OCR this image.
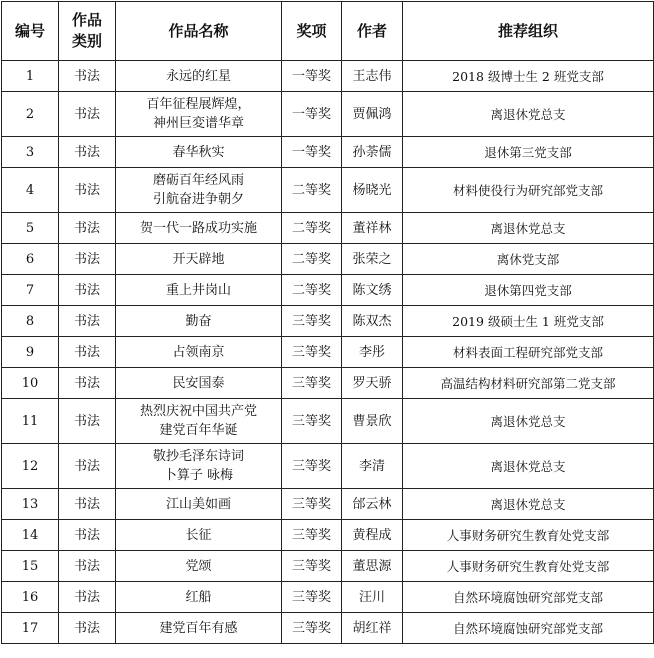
编号	作品
类别	作品名称	奖项	作者	推荐组织
1	书法	永远的红星	一等奖	王志伟	2018 级博士生 2 班党支部
2	书法	百年征程展辉煌，
神州巨変谱华章	一等奖	贾佩鸿	离退休党总支
3	书法	春华秋实	一等奖	孙荼儒	退休第三党支部
4	书法	磨砺百年经风雨
引航奋进争朝夕	二等奖	杨晓光	材料使役行为研究部党支部
5	书法	贺一代一路成功实施	二等奖	董祥林	离退休党总支
6	书法	开天辟地	二等奖	张荣之	离休党支部
7	书法	重上井岗山	二等奖	陈文绣	退休第四党支部
8	书法	勤奋	三等奖	陈双杰	2019 级硕士生 1 班党支部
9	书法	占领南京	三等奖	李彤	材料表面工程研究部党支部
10	书法	民安国泰	三等奖	罗天骄	高温结构材料研究部第二党支部
11	书法	热烈庆祝中国共产党
建党百年华诞	三等奖	曹景欣	离退休党总支
12	书法	敬抄毛泽东诗词
卜算子 咏梅	三等奖	李清	离退休党总支
13	书法	江山美如画	三等奖	邰云林	离退休党总支
14	书法	长征	三等奖	黄程成	人事财务研究生教育处党支部
15	书法	党颂	三等奖	董思源	人事财务研究生教育处党支部
16	书法	红船	三等奖	汪川	自然环境腐蚀研究部党支部
17	书法	建党百年有感	三等奖	胡红祥	自然环境腐蚀研究部党支部
